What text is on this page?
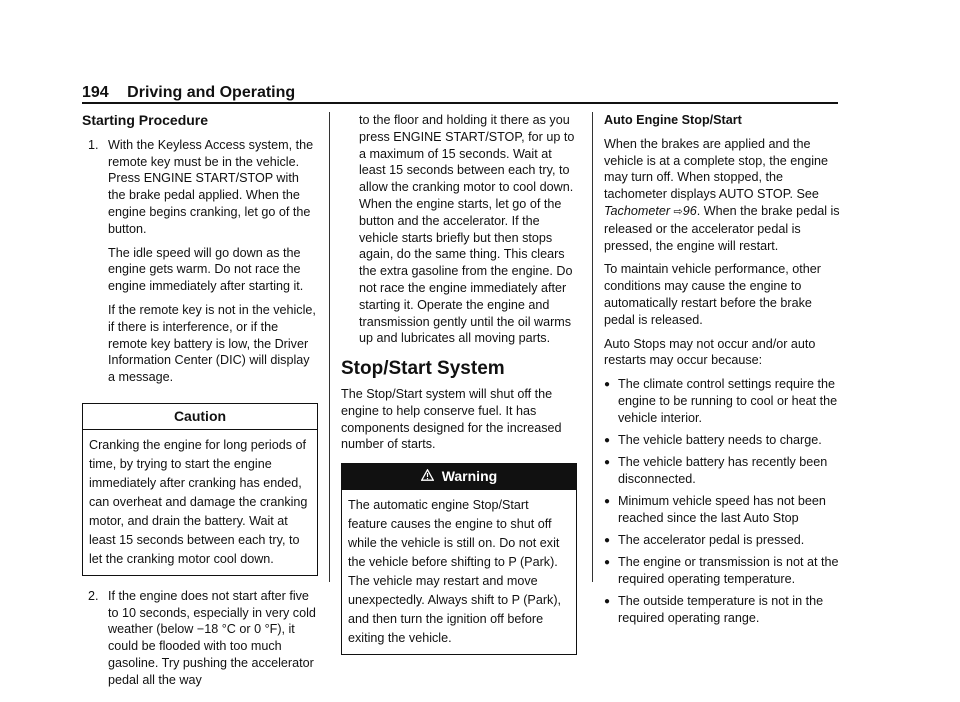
194 Driving and Operating
Starting Procedure
1. With the Keyless Access system, the remote key must be in the vehicle. Press ENGINE START/STOP with the brake pedal applied. When the engine begins cranking, let go of the button.

The idle speed will go down as the engine gets warm. Do not race the engine immediately after starting it.

If the remote key is not in the vehicle, if there is interference, or if the remote key battery is low, the Driver Information Center (DIC) will display a message.

Caution
Cranking the engine for long periods of time, by trying to start the engine immediately after cranking has ended, can overheat and damage the cranking motor, and drain the battery. Wait at least 15 seconds between each try, to let the cranking motor cool down.
2. If the engine does not start after five to 10 seconds, especially in very cold weather (below −18 °C or 0 °F), it could be flooded with too much gasoline. Try pushing the accelerator pedal all the way

to the floor and holding it there as you press ENGINE START/STOP, for up to a maximum of 15 seconds. Wait at least 15 seconds between each try, to allow the cranking motor to cool down. When the engine starts, let go of the button and the accelerator. If the vehicle starts briefly but then stops again, do the same thing. This clears the extra gasoline from the engine. Do not race the engine immediately after starting it. Operate the engine and transmission gently until the oil warms up and lubricates all moving parts.

Stop/Start System

The Stop/Start system will shut off the engine to help conserve fuel. It has components designed for the increased number of starts.

Warning
The automatic engine Stop/Start feature causes the engine to shut off while the vehicle is still on. Do not exit the vehicle before shifting to P (Park). The vehicle may restart and move unexpectedly. Always shift to P (Park), and then turn the ignition off before exiting the vehicle.

Auto Engine Stop/Start

When the brakes are applied and the vehicle is at a complete stop, the engine may turn off. When stopped, the tachometer displays AUTO STOP. See Tachometer ⇨96. When the brake pedal is released or the accelerator pedal is pressed, the engine will restart.

To maintain vehicle performance, other conditions may cause the engine to automatically restart before the brake pedal is released.

Auto Stops may not occur and/or auto restarts may occur because:

● The climate control settings require the engine to be running to cool or heat the vehicle interior.
● The vehicle battery needs to charge.
● The vehicle battery has recently been disconnected.
● Minimum vehicle speed has not been reached since the last Auto Stop
● The accelerator pedal is pressed.
● The engine or transmission is not at the required operating temperature.
● The outside temperature is not in the required operating range.
